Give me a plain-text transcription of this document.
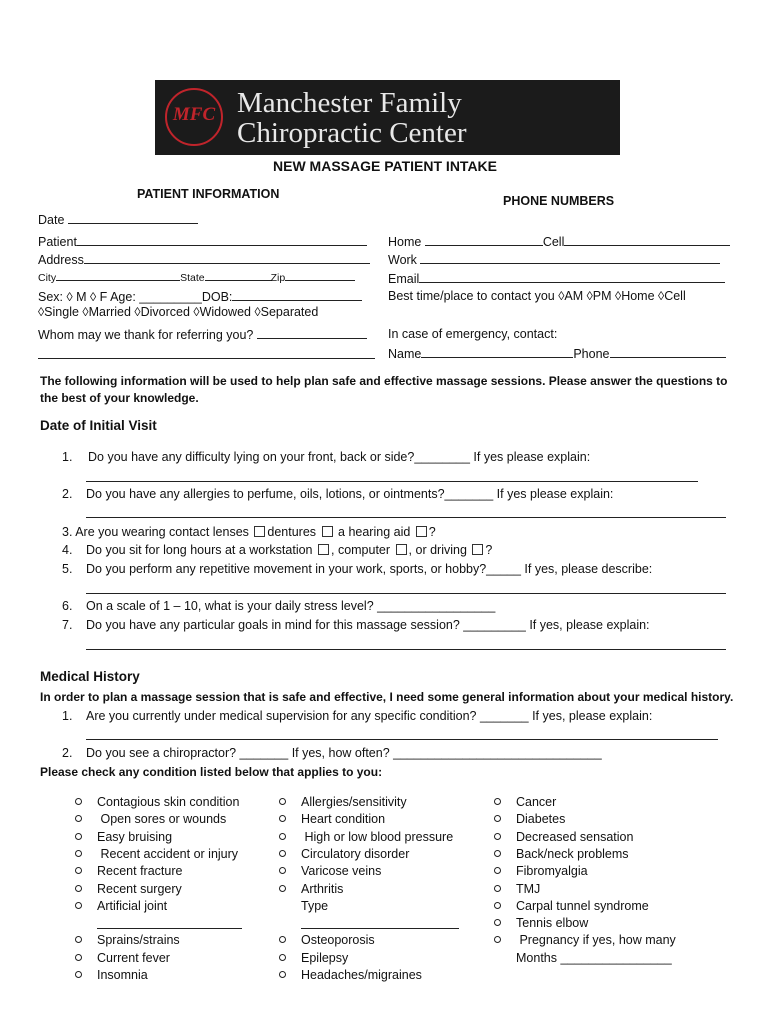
MFC Manchester Family
Chiropractic Center
NEW MASSAGE PATIENT INTAKE
PATIENT INFORMATION	PHONE NUMBERS
Date
Patient
Address
City	State	Zip
Sex: ◊ M ◊ F Age: _________DOB:
◊Single ◊Married ◊Divorced ◊Widowed ◊Separated
Whom may we thank for referring you?
Home	Cell
Work
Email
Best time/place to contact you ◊AM ◊PM ◊Home ◊Cell
In case of emergency, contact:
Name	Phone
The following information will be used to help plan safe and effective massage sessions. Please answer the questions to the best of your knowledge.
Date of Initial Visit
1. Do you have any difficulty lying on your front, back or side?________ If yes please explain:
2. Do you have any allergies to perfume, oils, lotions, or ointments?_______ If yes please explain:
3. Are you wearing contact lenses dentures a hearing aid ?
4. Do you sit for long hours at a workstation , computer , or driving ?
5. Do you perform any repetitive movement in your work, sports, or hobby?_____ If yes, please describe:
6. On a scale of 1 – 10, what is your daily stress level? _________________
7. Do you have any particular goals in mind for this massage session? _________ If yes, please explain:
Medical History
In order to plan a massage session that is safe and effective, I need some general information about your medical history.
1. Are you currently under medical supervision for any specific condition? _______ If yes, please explain:
2. Do you see a chiropractor? _______ If yes, how often? ______________________________
Please check any condition listed below that applies to you:
Contagious skin condition
Open sores or wounds
Easy bruising
Recent accident or injury
Recent fracture
Recent surgery
Artificial joint
Sprains/strains
Current fever
Insomnia
Allergies/sensitivity
Heart condition
High or low blood pressure
Circulatory disorder
Varicose veins
Arthritis
Type
Osteoporosis
Epilepsy
Headaches/migraines
Cancer
Diabetes
Decreased sensation
Back/neck problems
Fibromyalgia
TMJ
Carpal tunnel syndrome
Tennis elbow
Pregnancy if yes, how many
Months ________________
